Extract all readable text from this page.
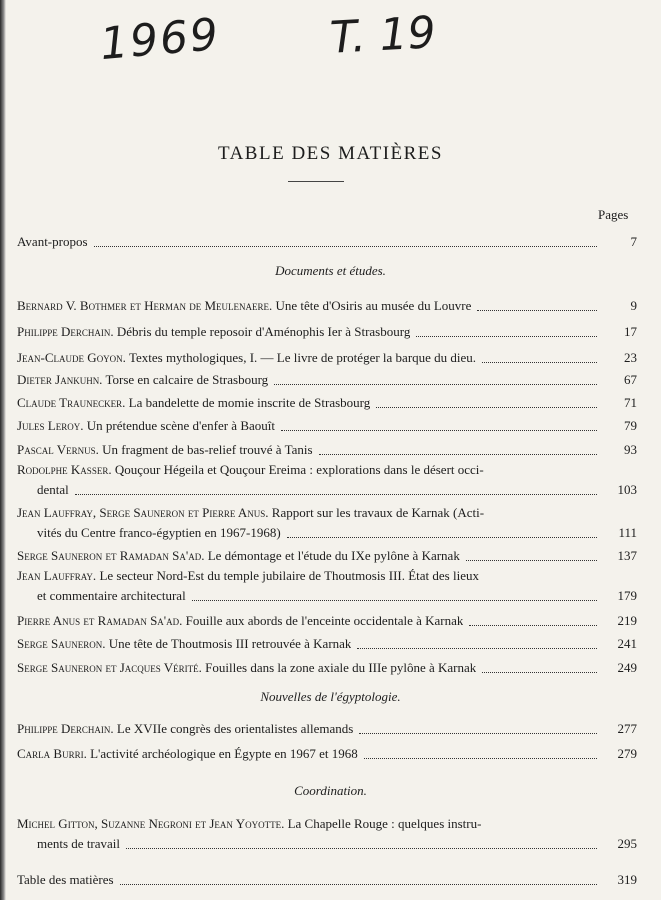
1969 T. 19
TABLE DES MATIÈRES
Pages
Avant-propos	7
Documents et études.
Bernard V. Bothmer et Herman de Meulenaere. Une tête d'Osiris au musée du Louvre	9
Philippe Derchain. Débris du temple reposoir d'Aménophis Ier à Strasbourg	17
Jean-Claude Goyon. Textes mythologiques, I. — Le livre de protéger la barque du dieu.	23
Dieter Jankuhn. Torse en calcaire de Strasbourg	67
Claude Traunecker. La bandelette de momie inscrite de Strasbourg	71
Jules Leroy. Un prétendue scène d'enfer à Baouît	79
Pascal Vernus. Un fragment de bas-relief trouvé à Tanis	93
Rodolphe Kasser. Qouçour Hégeila et Qouçour Ereima : explorations dans le désert occi-
dental	103
Jean Lauffray, Serge Sauneron et Pierre Anus. Rapport sur les travaux de Karnak (Acti-
vités du Centre franco-égyptien en 1967-1968)	111
Serge Sauneron et Ramadan Sa'ad. Le démontage et l'étude du IXe pylône à Karnak	137
Jean Lauffray. Le secteur Nord-Est du temple jubilaire de Thoutmosis III. État des lieux
et commentaire architectural	179
Pierre Anus et Ramadan Sa'ad. Fouille aux abords de l'enceinte occidentale à Karnak	219
Serge Sauneron. Une tête de Thoutmosis III retrouvée à Karnak	241
Serge Sauneron et Jacques Vérité. Fouilles dans la zone axiale du IIIe pylône à Karnak	249
Nouvelles de l'égyptologie.
Philippe Derchain. Le XVIIe congrès des orientalistes allemands	277
Carla Burri. L'activité archéologique en Égypte en 1967 et 1968	279
Coordination.
Michel Gitton, Suzanne Negroni et Jean Yoyotte. La Chapelle Rouge : quelques instru-
ments de travail	295
Table des matières	319
